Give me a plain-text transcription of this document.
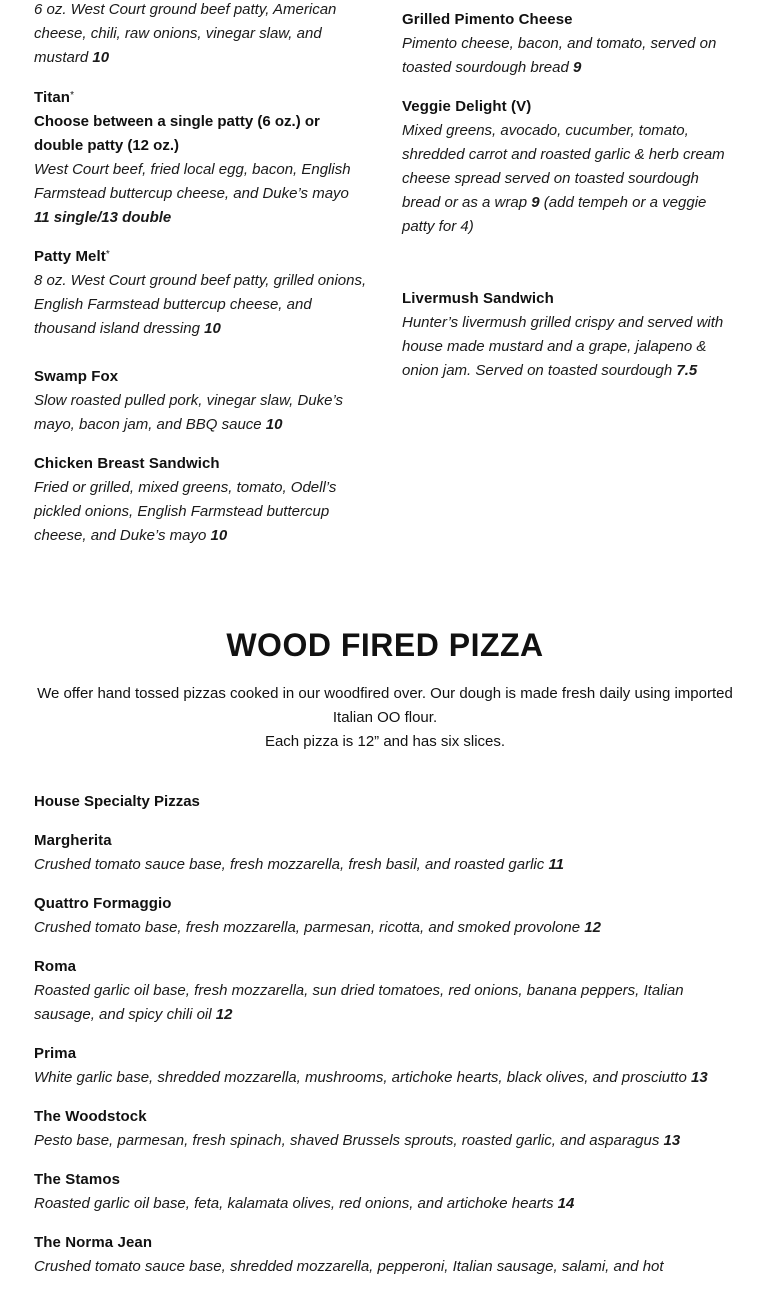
6 oz. West Court ground beef patty, American cheese, chili, raw onions, vinegar slaw, and mustard 10
Titan*
Choose between a single patty (6 oz.) or double patty (12 oz.)
West Court beef, fried local egg, bacon, English Farmstead buttercup cheese, and Duke’s mayo
11 single/13 double
Patty Melt*
8 oz. West Court ground beef patty, grilled onions, English Farmstead buttercup cheese, and thousand island dressing 10
Swamp Fox
Slow roasted pulled pork, vinegar slaw, Duke’s mayo, bacon jam, and BBQ sauce 10
Chicken Breast Sandwich
Fried or grilled, mixed greens, tomato, Odell’s pickled onions, English Farmstead buttercup cheese, and Duke’s mayo 10
Grilled Pimento Cheese
Pimento cheese, bacon, and tomato, served on toasted sourdough bread 9
Veggie Delight (V)
Mixed greens, avocado, cucumber, tomato, shredded carrot and roasted garlic & herb cream cheese spread served on toasted sourdough bread or as a wrap 9 (add tempeh or a veggie patty for 4)
Livermush Sandwich
Hunter’s livermush grilled crispy and served with house made mustard and a grape, jalapeno & onion jam. Served on toasted sourdough 7.5
WOOD FIRED PIZZA
We offer hand tossed pizzas cooked in our woodfired over. Our dough is made fresh daily using imported Italian OO flour.
Each pizza is 12” and has six slices.
House Specialty Pizzas
Margherita
Crushed tomato sauce base, fresh mozzarella, fresh basil, and roasted garlic 11
Quattro Formaggio
Crushed tomato base, fresh mozzarella, parmesan, ricotta, and smoked provolone 12
Roma
Roasted garlic oil base, fresh mozzarella, sun dried tomatoes, red onions, banana peppers, Italian sausage, and spicy chili oil 12
Prima
White garlic base, shredded mozzarella, mushrooms, artichoke hearts, black olives, and prosciutto 13
The Woodstock
Pesto base, parmesan, fresh spinach, shaved Brussels sprouts, roasted garlic, and asparagus 13
The Stamos
Roasted garlic oil base, feta, kalamata olives, red onions, and artichoke hearts 14
The Norma Jean
Crushed tomato sauce base, shredded mozzarella, pepperoni, Italian sausage, salami, and hot
